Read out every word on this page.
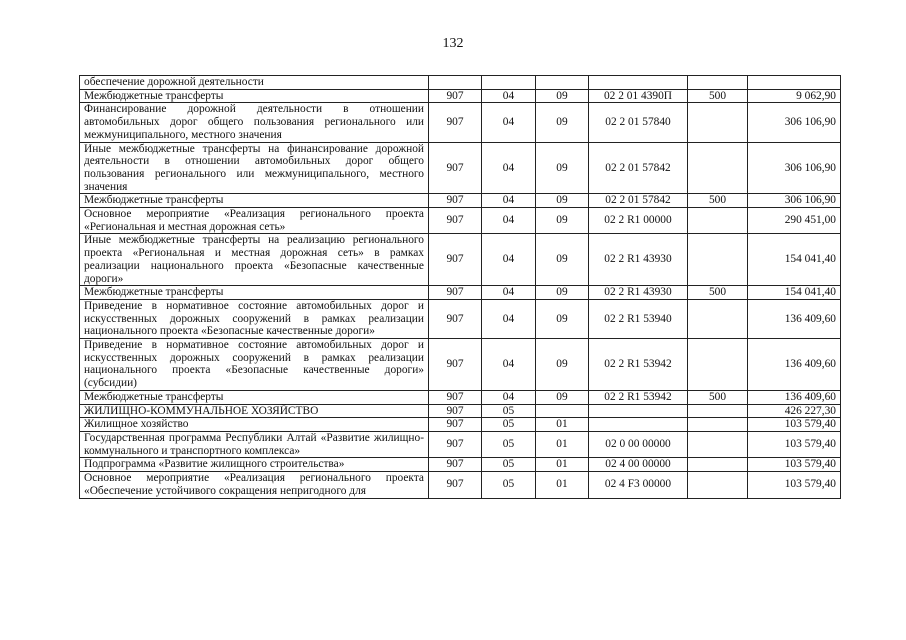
132
обеспечение дорожной деятельности						
Межбюджетные трансферты	907	04	09	02 2 01 4390П	500	9 062,90
Финансирование дорожной деятельности в отношении автомобильных дорог общего пользования регионального или межмуниципального, местного значения	907	04	09	02 2 01 57840		306 106,90
Иные межбюджетные трансферты на финансирование дорожной деятельности в отношении автомобильных дорог общего пользования регионального или межмуниципального, местного значения	907	04	09	02 2 01 57842		306 106,90
Межбюджетные трансферты	907	04	09	02 2 01 57842	500	306 106,90
Основное мероприятие «Реализация регионального проекта «Региональная и местная дорожная сеть»	907	04	09	02 2 R1 00000		290 451,00
Иные межбюджетные трансферты на реализацию регионального проекта «Региональная и местная дорожная сеть» в рамках реализации национального проекта «Безопасные качественные дороги»	907	04	09	02 2 R1 43930		154 041,40
Межбюджетные трансферты	907	04	09	02 2 R1 43930	500	154 041,40
Приведение в нормативное состояние автомобильных дорог и искусственных дорожных сооружений в рамках реализации национального проекта «Безопасные качественные дороги»	907	04	09	02 2 R1 53940		136 409,60
Приведение в нормативное состояние автомобильных дорог и искусственных дорожных сооружений в рамках реализации национального проекта «Безопасные качественные дороги» (субсидии)	907	04	09	02 2 R1 53942		136 409,60
Межбюджетные трансферты	907	04	09	02 2 R1 53942	500	136 409,60
ЖИЛИЩНО-КОММУНАЛЬНОЕ ХОЗЯЙСТВО	907	05				426 227,30
Жилищное хозяйство	907	05	01			103 579,40
Государственная программа Республики Алтай «Развитие жилищно-коммунального и транспортного комплекса»	907	05	01	02 0 00 00000		103 579,40
Подпрограмма «Развитие жилищного строительства»	907	05	01	02 4 00 00000		103 579,40
Основное мероприятие «Реализация регионального проекта «Обеспечение устойчивого сокращения непригодного для	907	05	01	02 4 F3 00000		103 579,40
